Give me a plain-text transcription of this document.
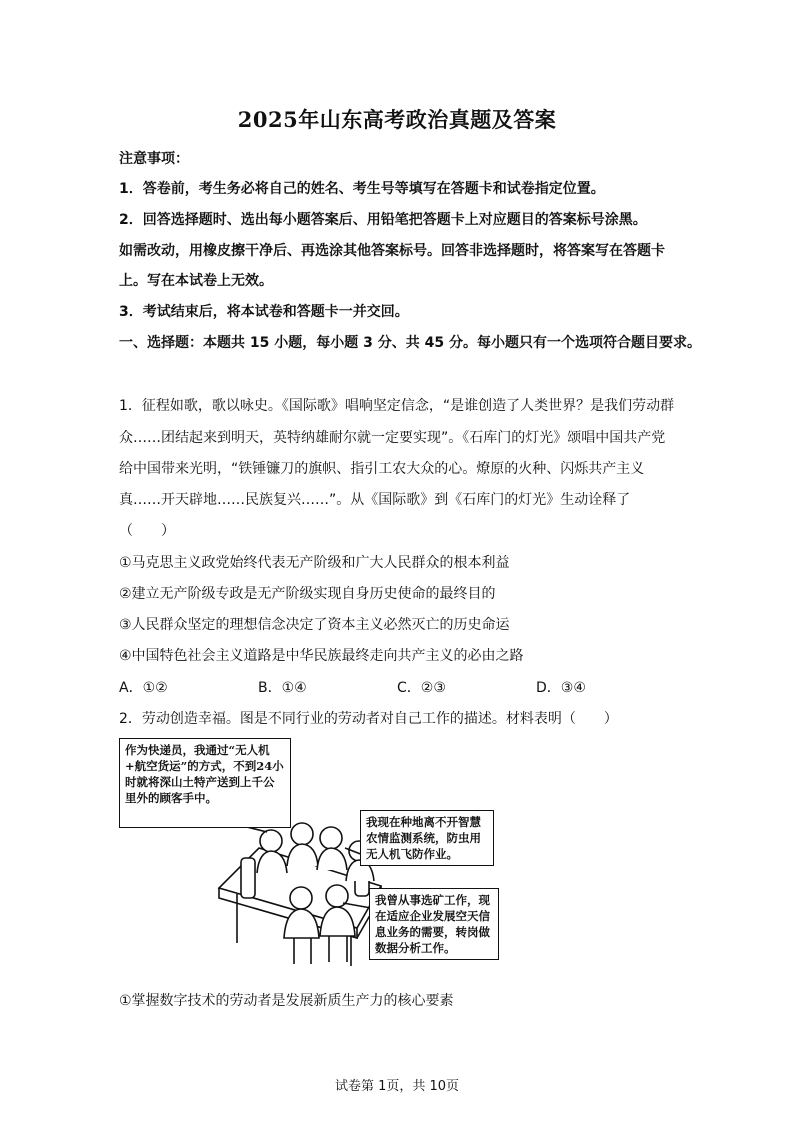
2025年山东高考政治真题及答案
注意事项：
1．答卷前，考生务必将自己的姓名、考生号等填写在答题卡和试卷指定位置。
2．回答选择题时、选出每小题答案后、用铅笔把答题卡上对应题目的答案标号涂黑。
如需改动，用橡皮擦干净后、再选涂其他答案标号。回答非选择题时，将答案写在答题卡
上。写在本试卷上无效。
3．考试结束后，将本试卷和答题卡一并交回。
一、选择题：本题共 15 小题，每小题 3 分、共 45 分。每小题只有一个选项符合题目要求。
1．征程如歌，歌以咏史。《国际歌》唱响坚定信念，“是谁创造了人类世界？是我们劳动群
众……团结起来到明天，英特纳雄耐尔就一定要实现”。《石库门的灯光》颂唱中国共产党
给中国带来光明，“铁锤镰刀的旗帜、指引工农大众的心。燎原的火种、闪烁共产主义
真……开天辟地……民族复兴……”。从《国际歌》到《石库门的灯光》生动诠释了
（　　）
①马克思主义政党始终代表无产阶级和广大人民群众的根本利益
②建立无产阶级专政是无产阶级实现自身历史使命的最终目的
③人民群众坚定的理想信念决定了资本主义必然灭亡的历史命运
④中国特色社会主义道路是中华民族最终走向共产主义的必由之路
A．①②	B．①④	C．②③	D．③④
2．劳动创造幸福。图是不同行业的劳动者对自己工作的描述。材料表明（　　）
作为快递员，我通过“无人机+航空货运”的方式，不到24小时就将深山土特产送到上千公里外的顾客手中。
我现在种地离不开智慧农情监测系统，防虫用无人机飞防作业。
我曾从事选矿工作，现在适应企业发展空天信息业务的需要，转岗做数据分析工作。
①掌握数字技术的劳动者是发展新质生产力的核心要素
试卷第 1页，共 10页
